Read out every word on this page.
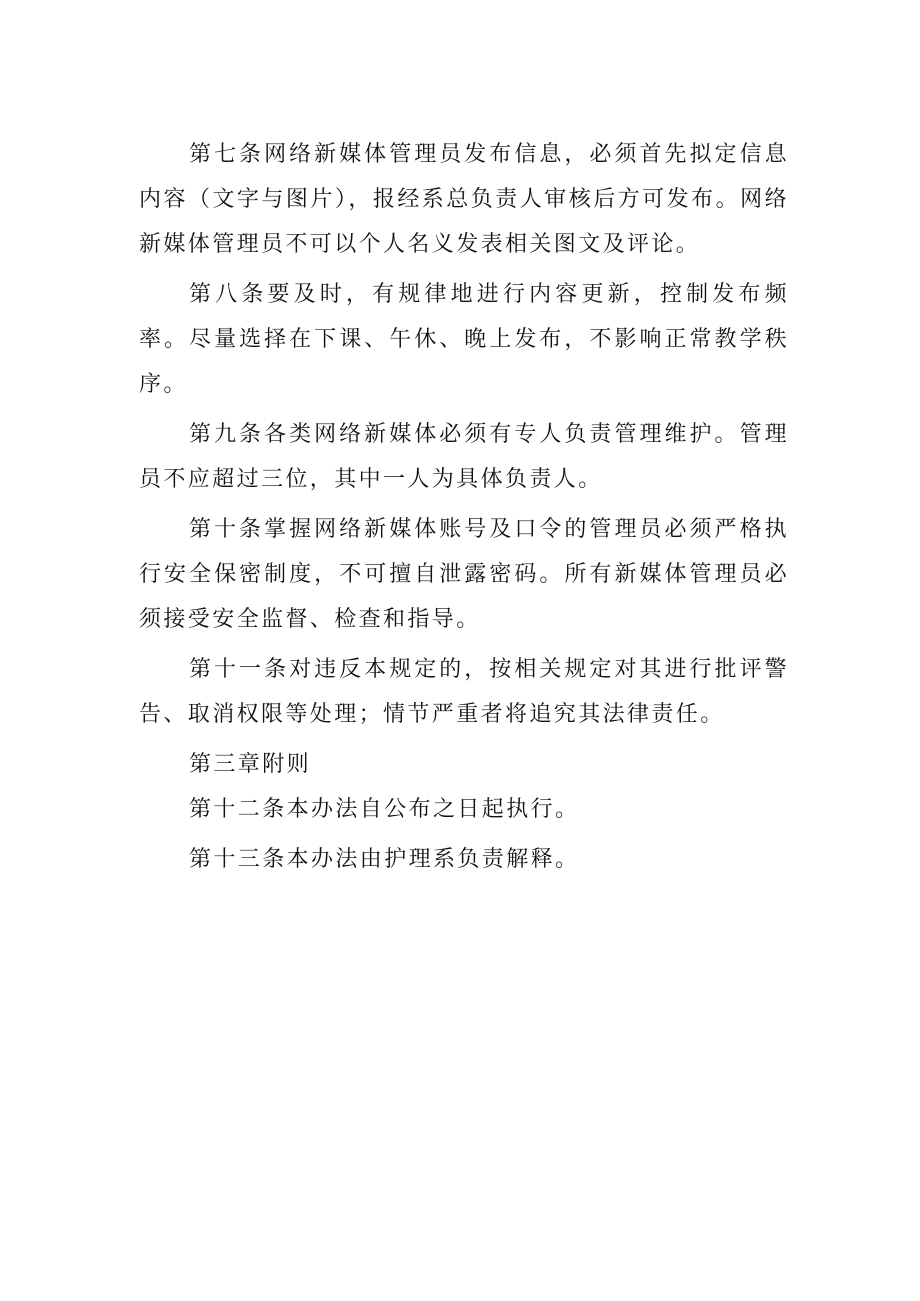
第七条网络新媒体管理员发布信息，必须首先拟定信息内容（文字与图片），报经系总负责人审核后方可发布。网络新媒体管理员不可以个人名义发表相关图文及评论。

第八条要及时，有规律地进行内容更新，控制发布频率。尽量选择在下课、午休、晚上发布，不影响正常教学秩序。

第九条各类网络新媒体必须有专人负责管理维护。管理员不应超过三位，其中一人为具体负责人。

第十条掌握网络新媒体账号及口令的管理员必须严格执行安全保密制度，不可擅自泄露密码。所有新媒体管理员必须接受安全监督、检查和指导。

第十一条对违反本规定的，按相关规定对其进行批评警告、取消权限等处理；情节严重者将追究其法律责任。

第三章附则

第十二条本办法自公布之日起执行。

第十三条本办法由护理系负责解释。
